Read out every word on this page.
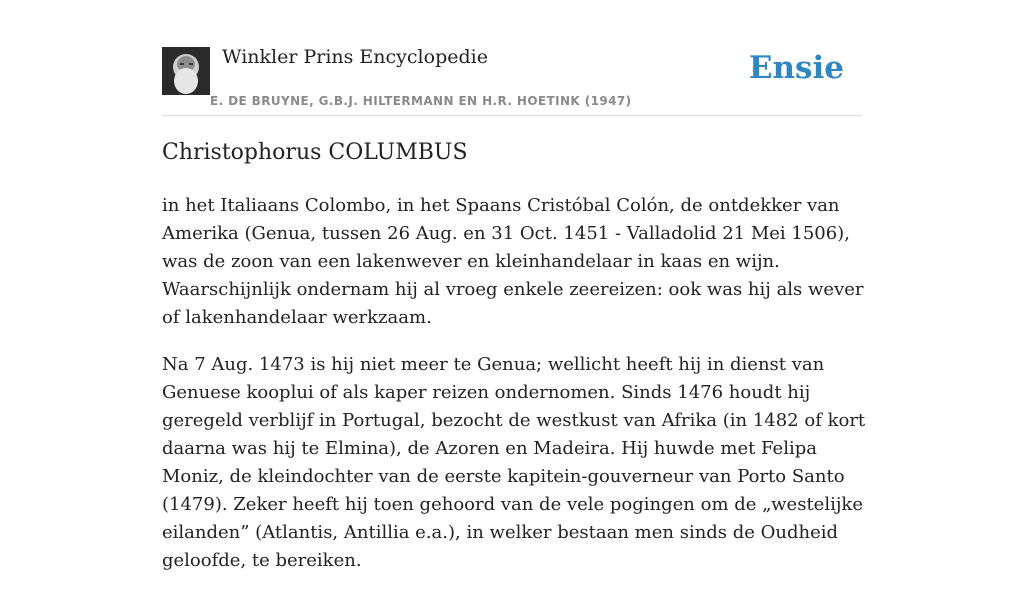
Winkler Prins Encyclopedie
E. DE BRUYNE, G.B.J. HILTERMANN EN H.R. HOETINK (1947)
Ensie
Christophorus COLUMBUS

in het Italiaans Colombo, in het Spaans Cristóbal Colón, de ontdekker van Amerika (Genua, tussen 26 Aug. en 31 Oct. 1451 - Valladolid 21 Mei 1506), was de zoon van een lakenwever en kleinhandelaar in kaas en wijn. Waarschijnlijk ondernam hij al vroeg enkele zeereizen: ook was hij als wever of lakenhandelaar werkzaam.

Na 7 Aug. 1473 is hij niet meer te Genua; wellicht heeft hij in dienst van Genuese kooplui of als kaper reizen ondernomen. Sinds 1476 houdt hij geregeld verblijf in Portugal, bezocht de westkust van Afrika (in 1482 of kort daarna was hij te Elmina), de Azoren en Madeira. Hij huwde met Felipa Moniz, de kleindochter van de eerste kapitein-gouverneur van Porto Santo (1479). Zeker heeft hij toen gehoord van de vele pogingen om de „westelijke eilanden” (Atlantis, Antillia e.a.), in welker bestaan men sinds de Oudheid geloofde, te bereiken.
